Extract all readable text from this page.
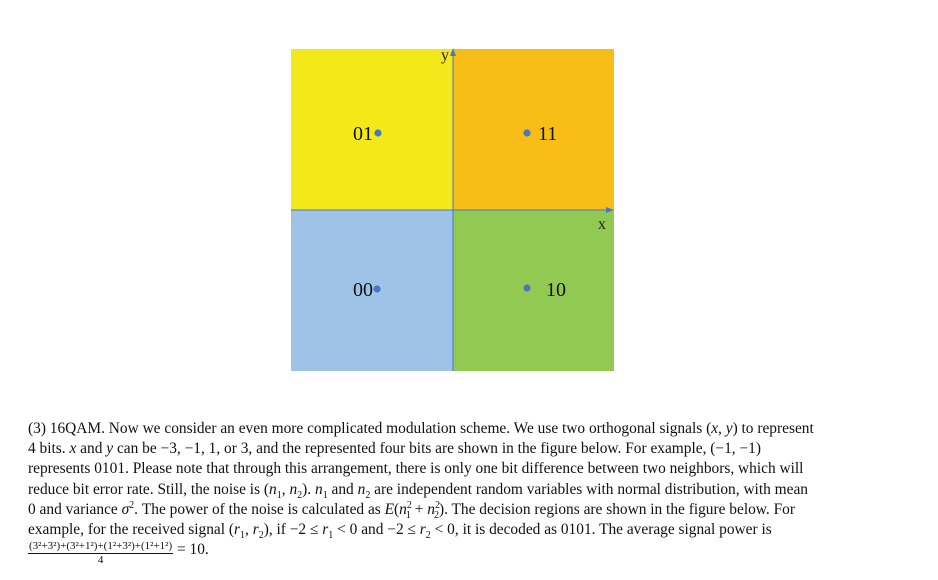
x
y
01	11
00	10
(3) 16QAM. Now we consider an even more complicated modulation scheme. We use two orthogonal signals (x, y) to represent
4 bits. x and y can be −3, −1, 1, or 3, and the represented four bits are shown in the figure below. For example, (−1, −1)
represents 0101. Please note that through this arrangement, there is only one bit difference between two neighbors, which will
reduce bit error rate. Still, the noise is ($n_1$, $n_2$). $n_1$ and $n_2$ are independent random variables with normal distribution, with mean
0 and variance $\sigma^2$. The power of the noise is calculated as $E(n^2_1 + n^2_2)$. The decision regions are shown in the figure below. For
example, for the received signal ($r_1$, $r_2$), if $-2 \le r_1 < 0$ and $-2 \le r_2 < 0$, it is decoded as 0101. The average signal power is
$\frac{\text{(3²+3²)+(3²+1²)+(1²+3²)+(1²+1²)}}{4} = 10$.
